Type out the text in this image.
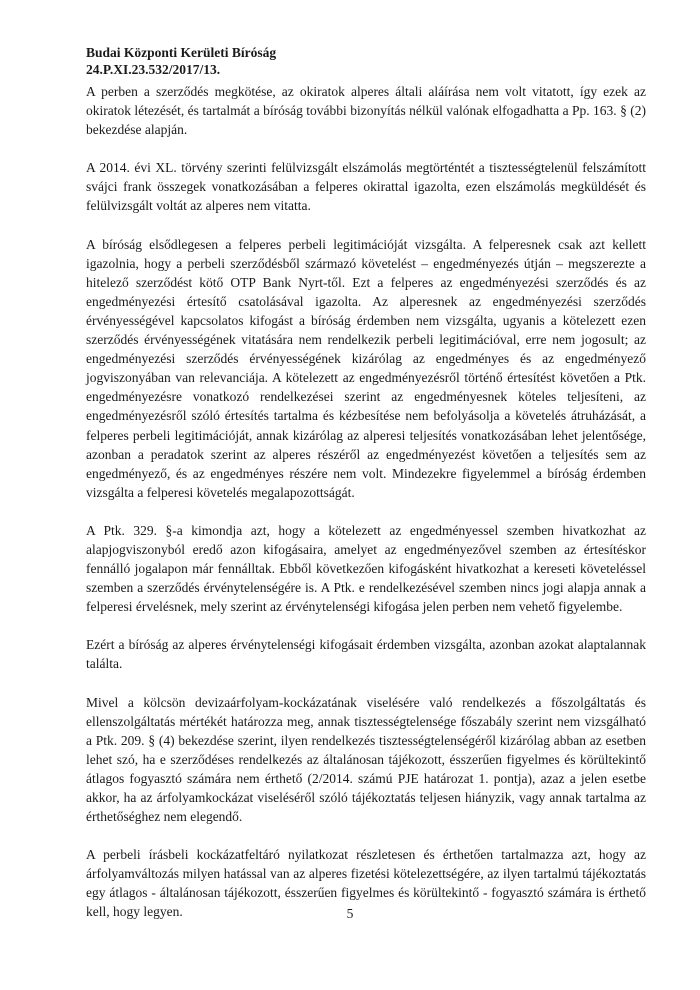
Budai Központi Kerületi Bíróság
24.P.XI.23.532/2017/13.

A perben a szerződés megkötése, az okiratok alperes általi aláírása nem volt vitatott, így ezek az okiratok létezését, és tartalmát a bíróság további bizonyítás nélkül valónak elfogadhatta a Pp. 163. § (2) bekezdése alapján.

A 2014. évi XL. törvény szerinti felülvizsgált elszámolás megtörténtét a tisztességtelenül felszámított svájci frank összegek vonatkozásában a felperes okirattal igazolta, ezen elszámolás megküldését és felülvizsgált voltát az alperes nem vitatta.

A bíróság elsődlegesen a felperes perbeli legitimációját vizsgálta. A felperesnek csak azt kellett igazolnia, hogy a perbeli szerződésből származó követelést – engedményezés útján – megszerezte a hitelező szerződést kötő OTP Bank Nyrt-től. Ezt a felperes az engedményezési szerződés és az engedményezési értesítő csatolásával igazolta. Az alperesnek az engedményezési szerződés érvényességével kapcsolatos kifogást a bíróság érdemben nem vizsgálta, ugyanis a kötelezett ezen szerződés érvényességének vitatására nem rendelkezik perbeli legitimációval, erre nem jogosult; az engedményezési szerződés érvényességének kizárólag az engedményes és az engedményező jogviszonyában van relevanciája. A kötelezett az engedményezésről történő értesítést követően a Ptk. engedményezésre vonatkozó rendelkezései szerint az engedményesnek köteles teljesíteni, az engedményezésről szóló értesítés tartalma és kézbesítése nem befolyásolja a követelés átruházását, a felperes perbeli legitimációját, annak kizárólag az alperesi teljesítés vonatkozásában lehet jelentősége, azonban a peradatok szerint az alperes részéről az engedményezést követően a teljesítés sem az engedményező, és az engedményes részére nem volt. Mindezekre figyelemmel a bíróság érdemben vizsgálta a felperesi követelés megalapozottságát.

A Ptk. 329. §-a kimondja azt, hogy a kötelezett az engedményessel szemben hivatkozhat az alapjogviszonyból eredő azon kifogásaira, amelyet az engedményezővel szemben az értesítéskor fennálló jogalapon már fennálltak. Ebből következően kifogásként hivatkozhat a kereseti követeléssel szemben a szerződés érvénytelenségére is. A Ptk. e rendelkezésével szemben nincs jogi alapja annak a felperesi érvelésnek, mely szerint az érvénytelenségi kifogása jelen perben nem vehető figyelembe.

Ezért a bíróság az alperes érvénytelenségi kifogásait érdemben vizsgálta, azonban azokat alaptalannak találta.

Mivel a kölcsön devizaárfolyam-kockázatának viselésére való rendelkezés a főszolgáltatás és ellenszolgáltatás mértékét határozza meg, annak tisztességtelensége főszabály szerint nem vizsgálható a Ptk. 209. § (4) bekezdése szerint, ilyen rendelkezés tisztességtelenségéről kizárólag abban az esetben lehet szó, ha e szerződéses rendelkezés az általánosan tájékozott, ésszerűen figyelmes és körültekintő átlagos fogyasztó számára nem érthető (2/2014. számú PJE határozat 1. pontja), azaz a jelen esetbe akkor, ha az árfolyamkockázat viseléséről szóló tájékoztatás teljesen hiányzik, vagy annak tartalma az érthetőséghez nem elegendő.

A perbeli írásbeli kockázatfeltáró nyilatkozat részletesen és érthetően tartalmazza azt, hogy az árfolyamváltozás milyen hatással van az alperes fizetési kötelezettségére, az ilyen tartalmú tájékoztatás egy átlagos - általánosan tájékozott, ésszerűen figyelmes és körültekintő - fogyasztó számára is érthető kell, hogy legyen.	5
